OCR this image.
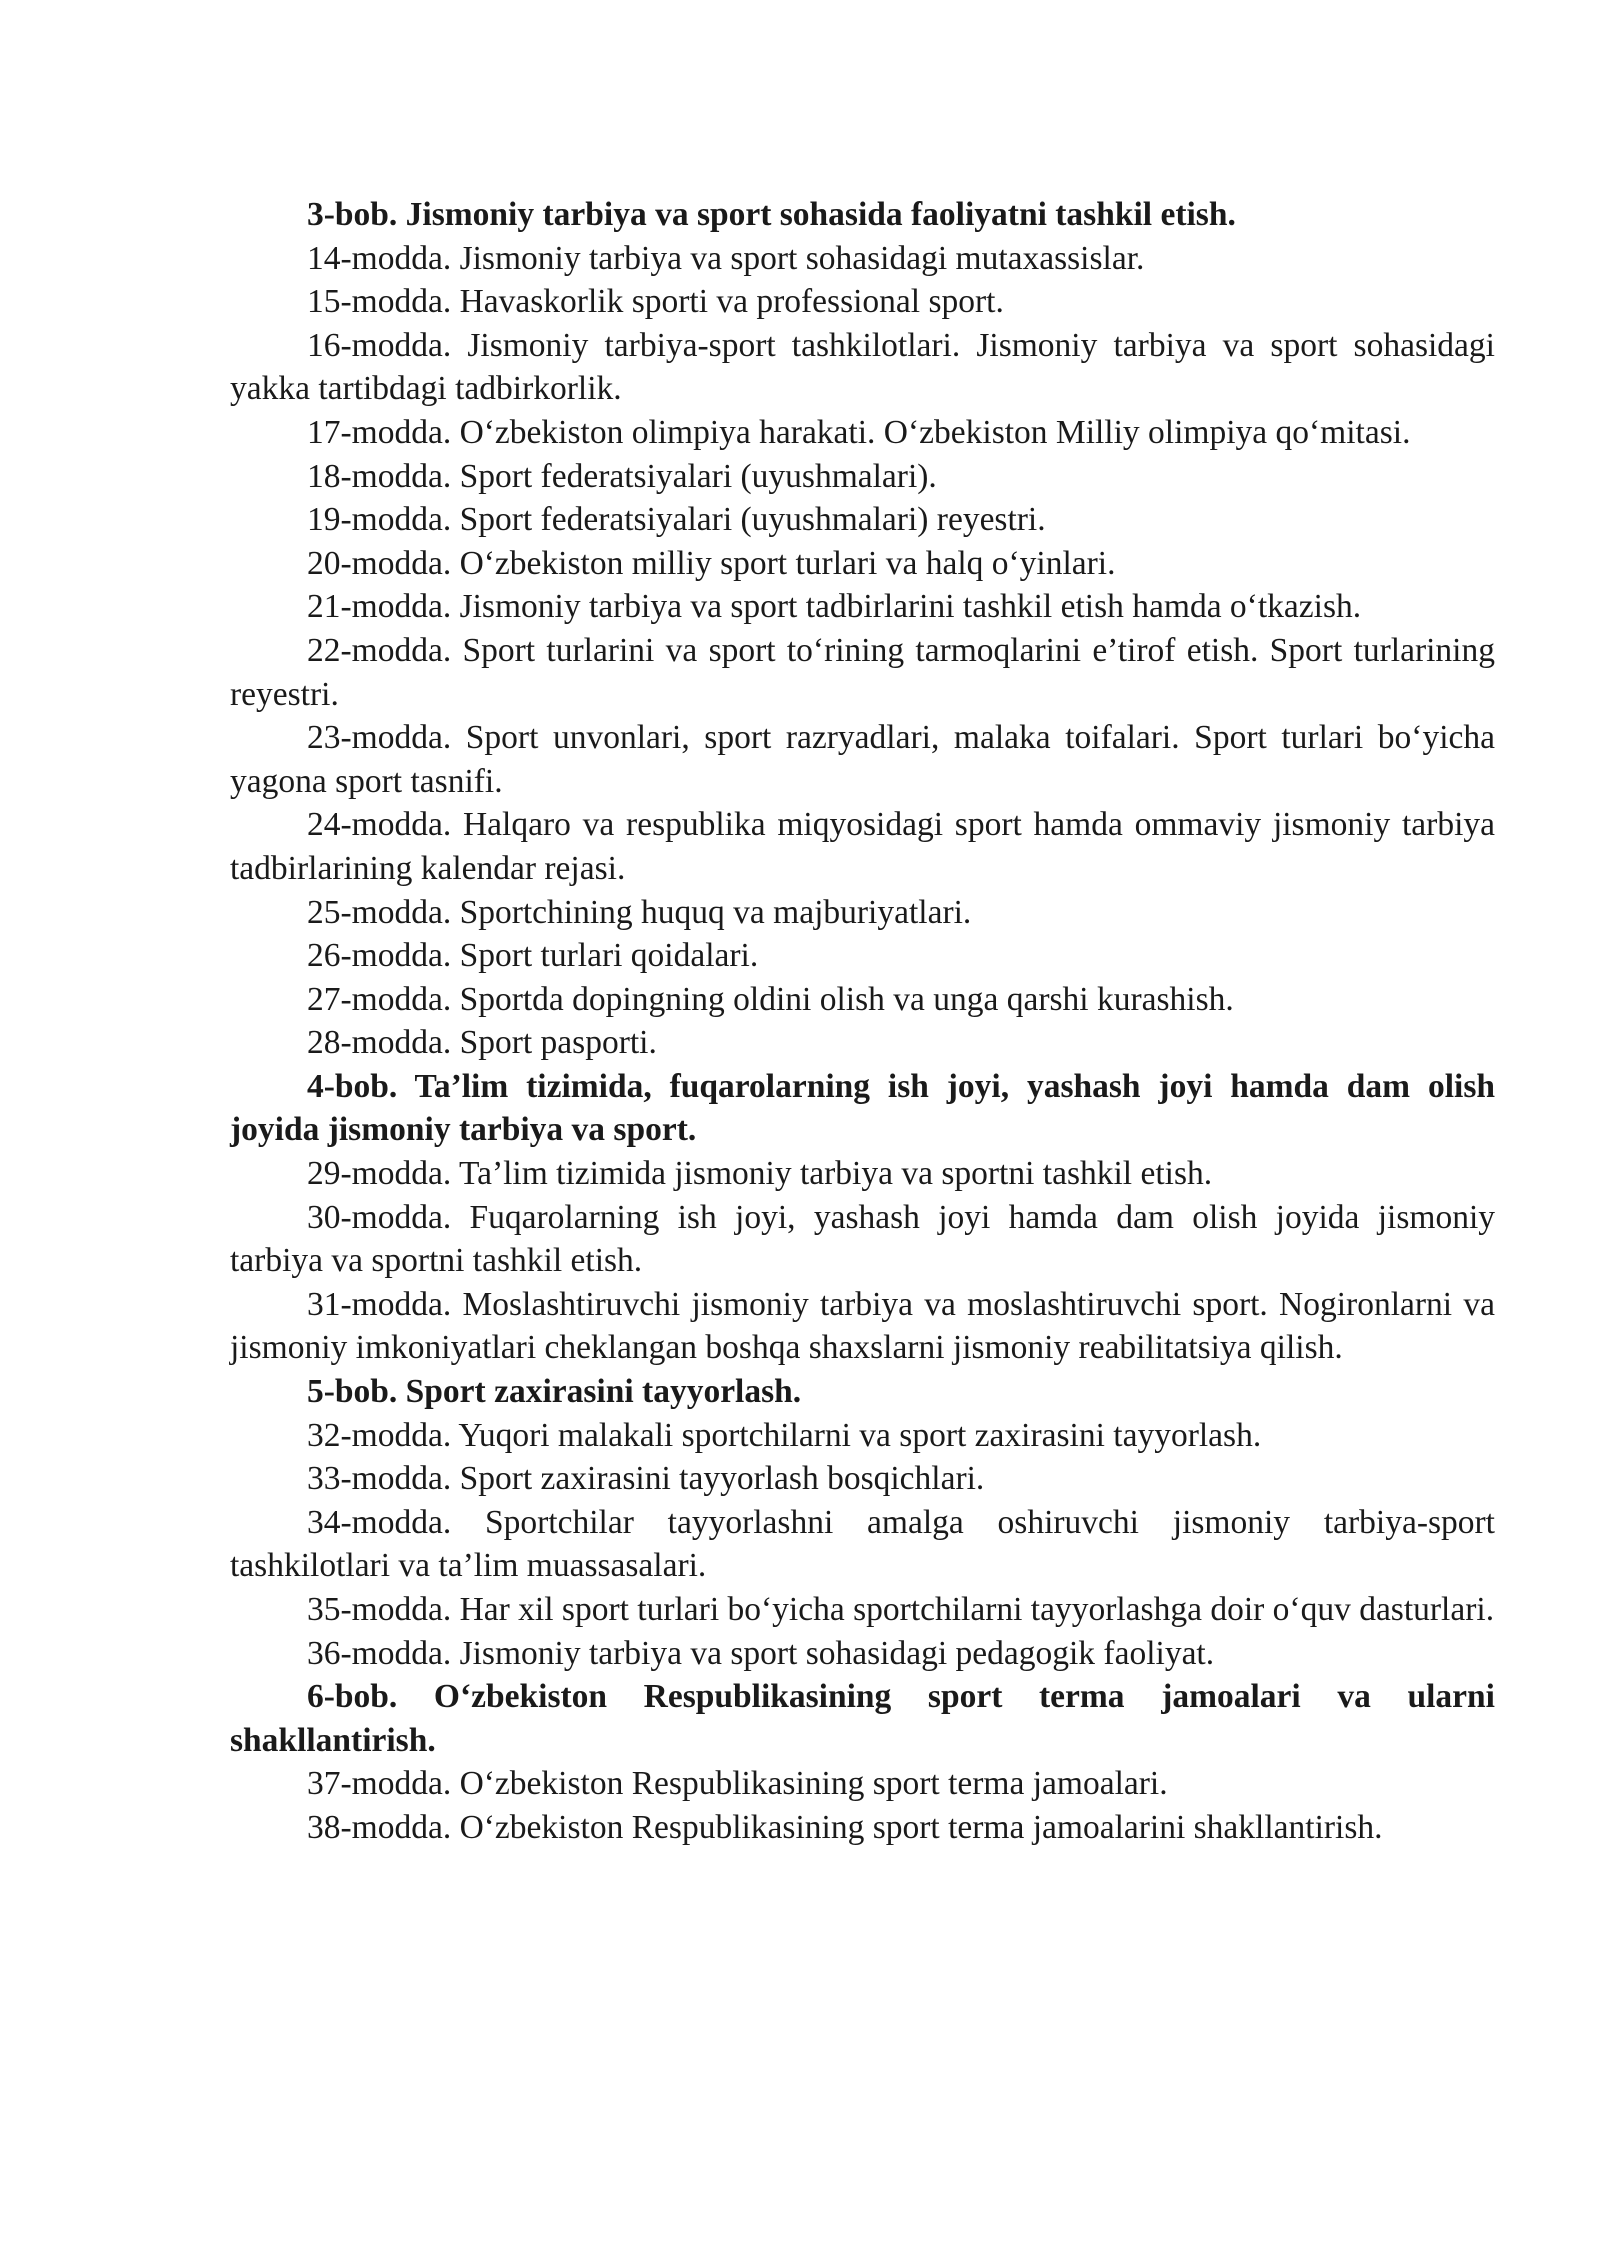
3-bob. Jismoniy tarbiya va sport sohasida faoliyatni tashkil etish.

14-modda. Jismoniy tarbiya va sport sohasidagi mutaxassislar.

15-modda. Havaskorlik sporti va professional sport.

16-modda. Jismoniy tarbiya-sport tashkilotlari. Jismoniy tarbiya va sport sohasidagi yakka tartibdagi tadbirkorlik.

17-modda. O‘zbekiston olimpiya harakati. O‘zbekiston Milliy olimpiya qo‘mitasi.

18-modda. Sport federatsiyalari (uyushmalari).

19-modda. Sport federatsiyalari (uyushmalari) reyestri.

20-modda. O‘zbekiston milliy sport turlari va halq o‘yinlari.

21-modda. Jismoniy tarbiya va sport tadbirlarini tashkil etish hamda o‘tkazish.

22-modda. Sport turlarini va sport to‘rining tarmoqlarini e’tirof etish. Sport turlarining reyestri.

23-modda. Sport unvonlari, sport razryadlari, malaka toifalari. Sport turlari bo‘yicha yagona sport tasnifi.

24-modda. Halqaro va respublika miqyosidagi sport hamda ommaviy jismoniy tarbiya tadbirlarining kalendar rejasi.

25-modda. Sportchining huquq va majburiyatlari.

26-modda. Sport turlari qoidalari.

27-modda. Sportda dopingning oldini olish va unga qarshi kurashish.

28-modda. Sport pasporti.

4-bob. Ta’lim tizimida, fuqarolarning ish joyi, yashash joyi hamda dam olish joyida jismoniy tarbiya va sport.

29-modda. Ta’lim tizimida jismoniy tarbiya va sportni tashkil etish.

30-modda. Fuqarolarning ish joyi, yashash joyi hamda dam olish joyida jismoniy tarbiya va sportni tashkil etish.

31-modda. Moslashtiruvchi jismoniy tarbiya va moslashtiruvchi sport. Nogironlarni va jismoniy imkoniyatlari cheklangan boshqa shaxslarni jismoniy reabilitatsiya qilish.

5-bob. Sport zaxirasini tayyorlash.

32-modda. Yuqori malakali sportchilarni va sport zaxirasini tayyorlash.

33-modda. Sport zaxirasini tayyorlash bosqichlari.

34-modda. Sportchilar tayyorlashni amalga oshiruvchi jismoniy tarbiya-sport tashkilotlari va ta’lim muassasalari.

35-modda. Har xil sport turlari bo‘yicha sportchilarni tayyorlashga doir o‘quv dasturlari.

36-modda. Jismoniy tarbiya va sport sohasidagi pedagogik faoliyat.

6-bob. O‘zbekiston Respublikasining sport terma jamoalari va ularni shakllantirish.

37-modda. O‘zbekiston Respublikasining sport terma jamoalari.

38-modda. O‘zbekiston Respublikasining sport terma jamoalarini shakllantirish.
